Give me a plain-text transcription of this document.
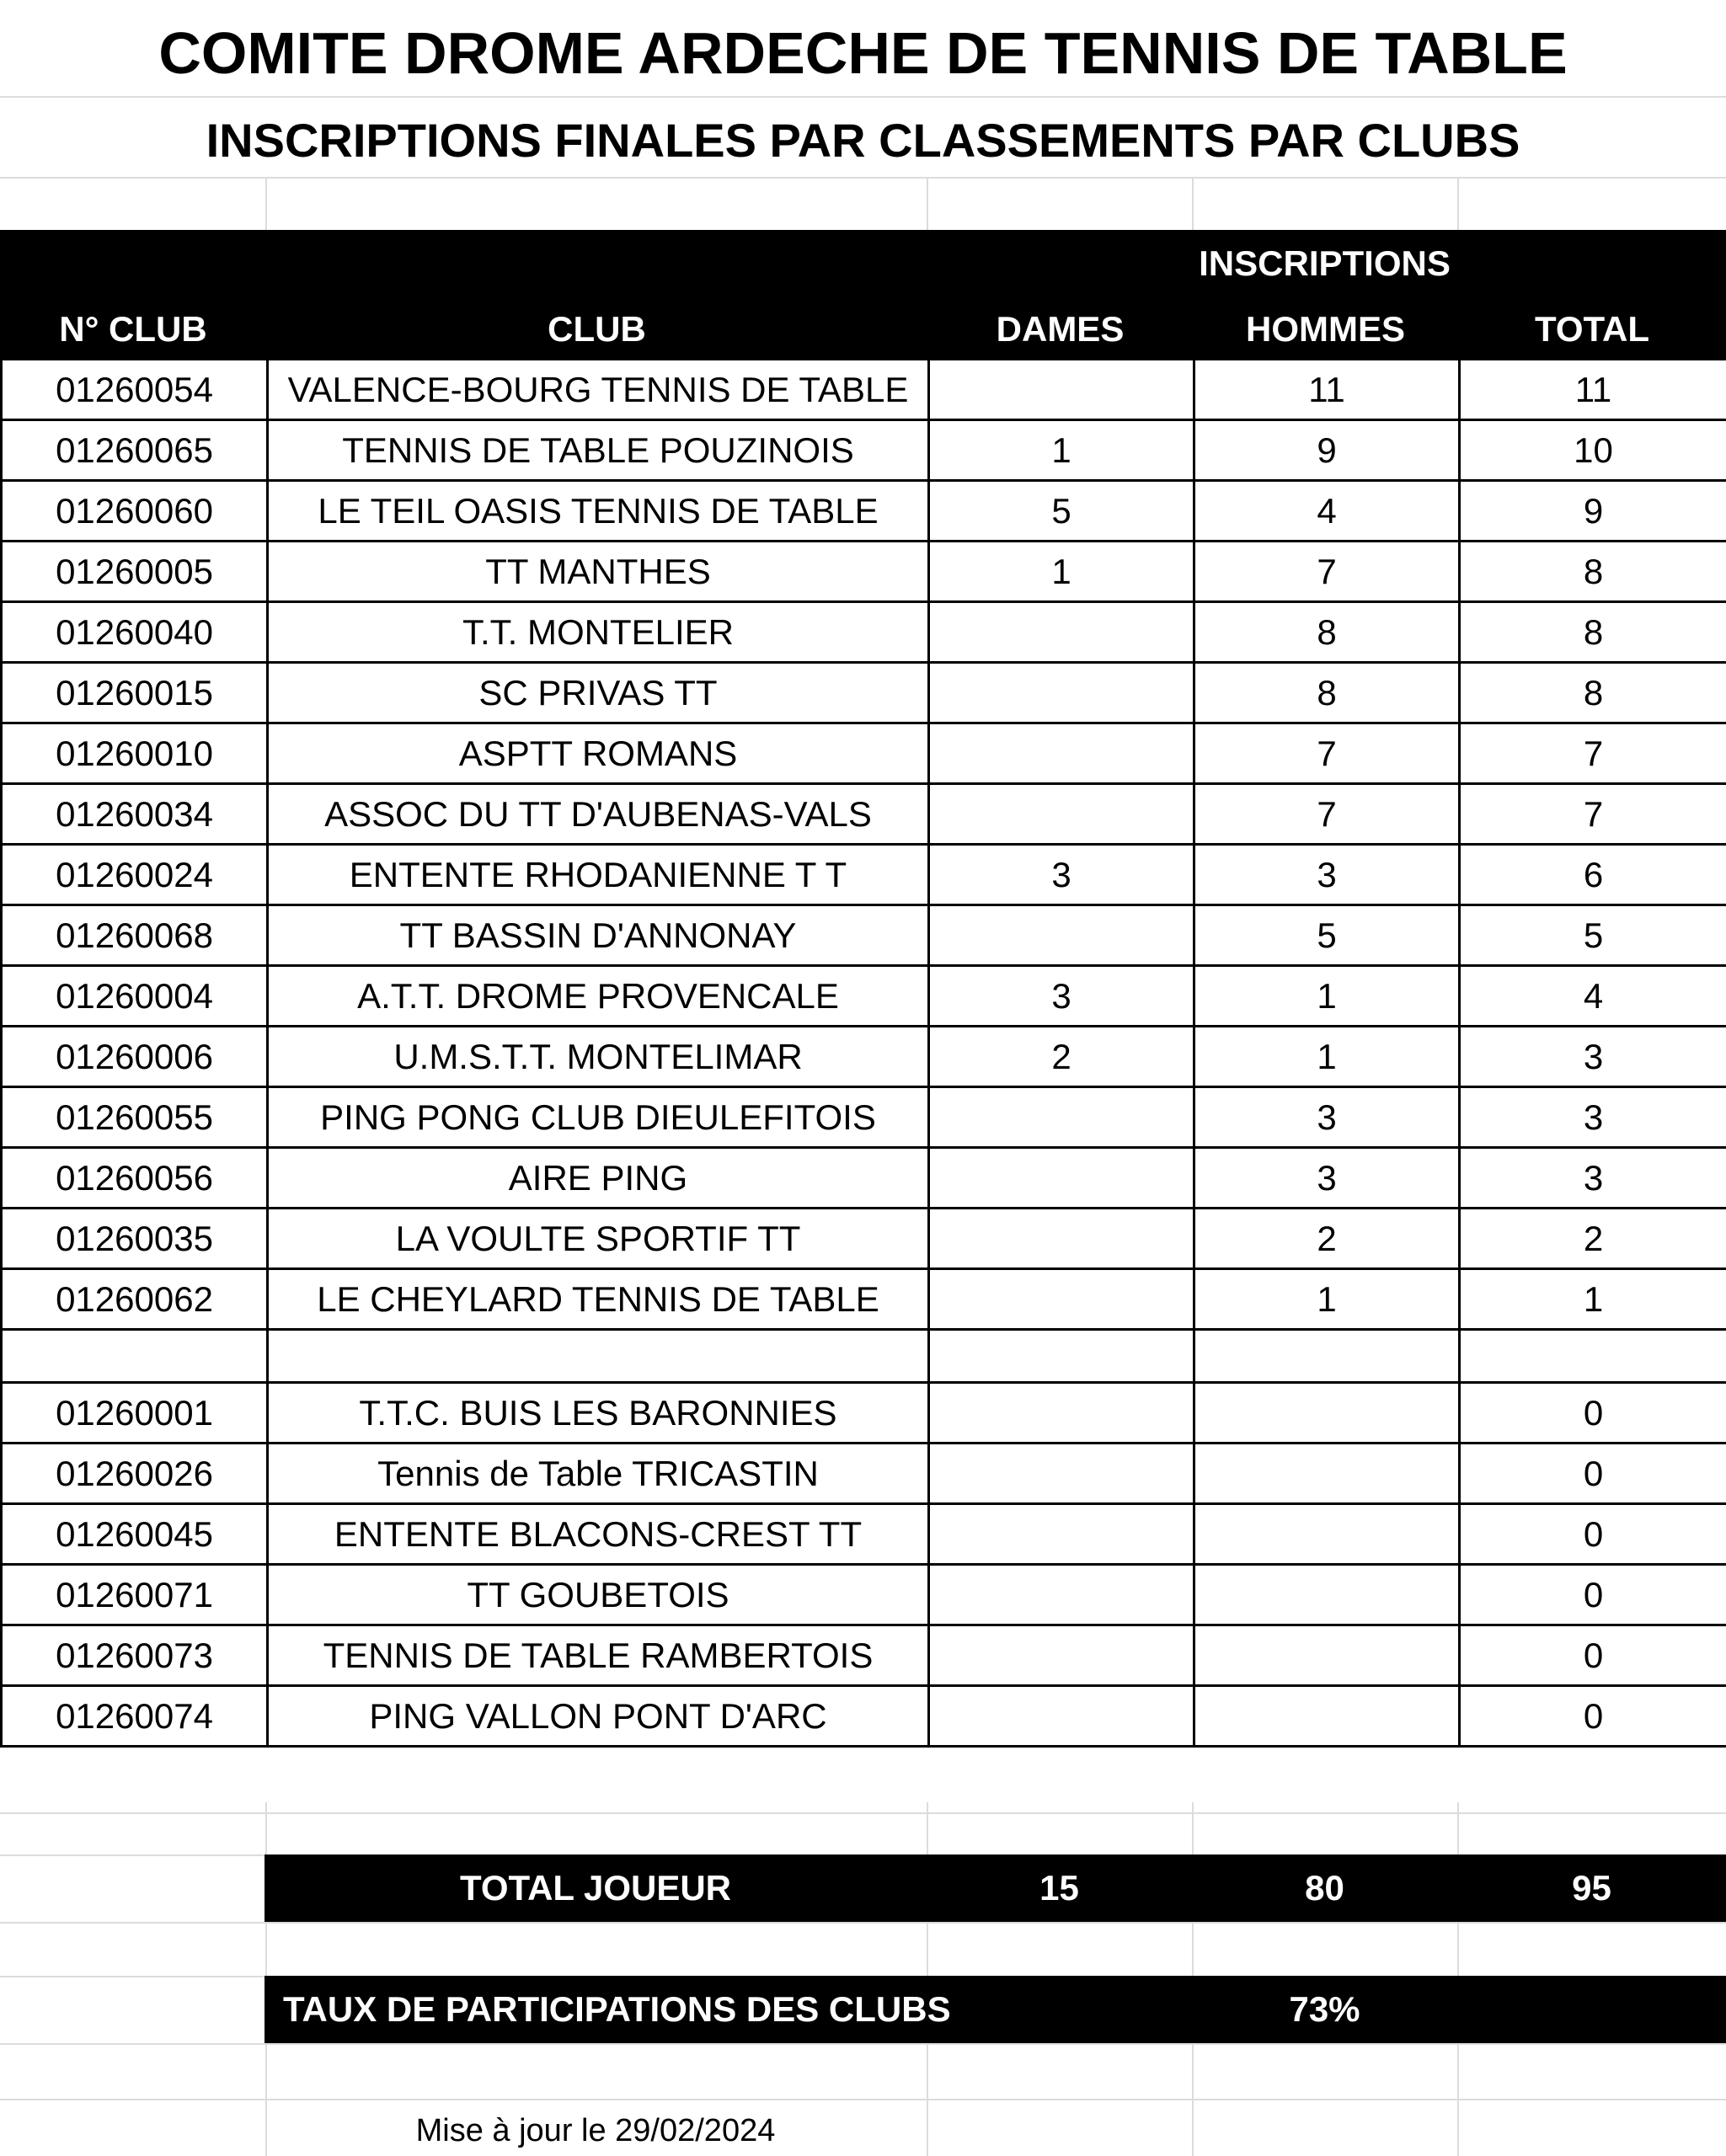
COMITE DROME ARDECHE DE TENNIS DE TABLE
INSCRIPTIONS FINALES PAR CLASSEMENTS PAR CLUBS
INSCRIPTIONS
N° CLUB	CLUB	DAMES	HOMMES	TOTAL
01260054	VALENCE-BOURG TENNIS DE TABLE		11	11
01260065	TENNIS DE TABLE POUZINOIS	1	9	10
01260060	LE TEIL OASIS TENNIS DE TABLE	5	4	9
01260005	TT MANTHES	1	7	8
01260040	T.T. MONTELIER		8	8
01260015	SC PRIVAS TT		8	8
01260010	ASPTT ROMANS		7	7
01260034	ASSOC DU TT D'AUBENAS-VALS		7	7
01260024	ENTENTE RHODANIENNE T T	3	3	6
01260068	TT BASSIN D'ANNONAY		5	5
01260004	A.T.T. DROME PROVENCALE	3	1	4
01260006	U.M.S.T.T. MONTELIMAR	2	1	3
01260055	PING PONG CLUB DIEULEFITOIS		3	3
01260056	AIRE PING		3	3
01260035	LA VOULTE SPORTIF TT		2	2
01260062	LE CHEYLARD TENNIS DE TABLE		1	1

01260001	T.T.C. BUIS LES BARONNIES			0
01260026	Tennis de Table TRICASTIN			0
01260045	ENTENTE BLACONS-CREST TT			0
01260071	TT GOUBETOIS			0
01260073	TENNIS DE TABLE RAMBERTOIS			0
01260074	PING VALLON PONT D'ARC			0
TOTAL JOUEUR	15	80	95
TAUX DE PARTICIPATIONS DES CLUBS	73%
Mise à jour le 29/02/2024
